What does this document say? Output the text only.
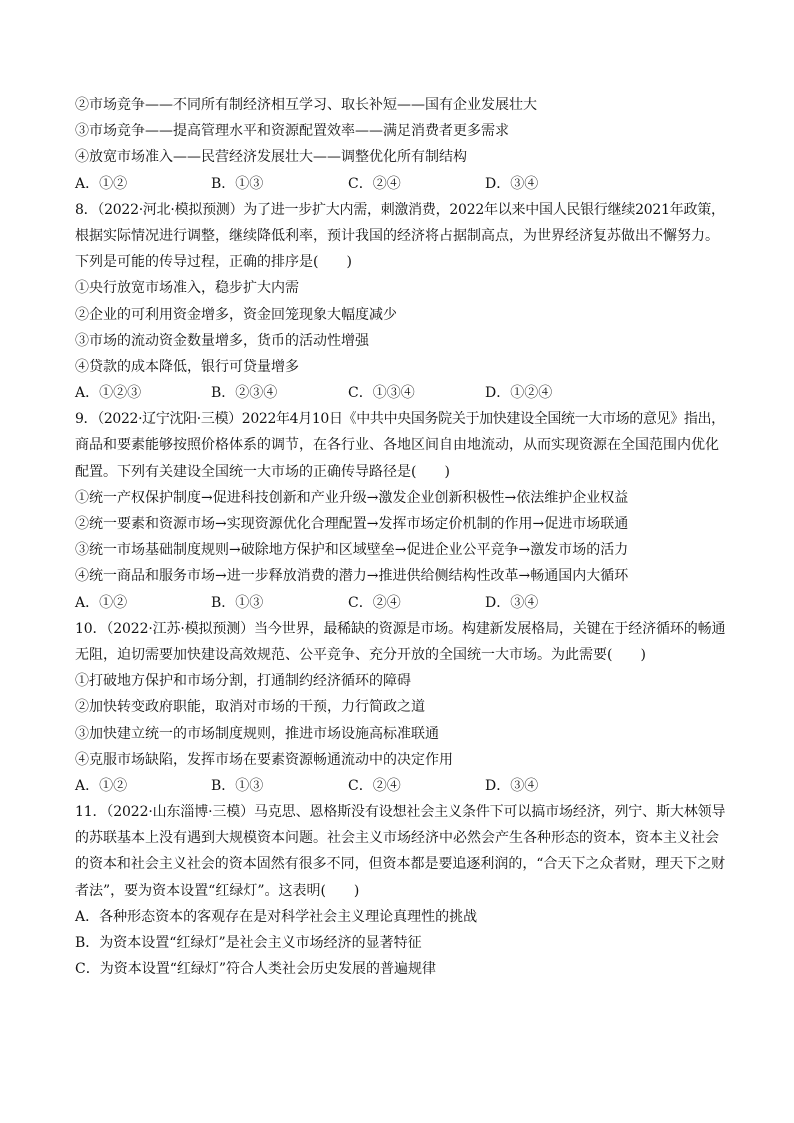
②市场竞争——不同所有制经济相互学习、取长补短——国有企业发展壮大
③市场竞争——提高管理水平和资源配置效率——满足消费者更多需求
④放宽市场准入——民营经济发展壮大——调整优化所有制结构
A．①②	B．①③	C．②④	D．③④
8．（2022·河北·模拟预测）为了进一步扩大内需，刺激消费，2022年以来中国人民银行继续2021年政策，
根据实际情况进行调整，继续降低利率，预计我国的经济将占据制高点，为世界经济复苏做出不懈努力。
下列是可能的传导过程，正确的排序是(　　)
①央行放宽市场准入，稳步扩大内需
②企业的可利用资金增多，资金回笼现象大幅度减少
③市场的流动资金数量增多，货币的活动性增强
④贷款的成本降低，银行可贷量增多
A．①②③	B．②③④	C．①③④	D．①②④
9．（2022·辽宁沈阳·三模）2022年4月10日《中共中央国务院关于加快建设全国统一大市场的意见》指出，
商品和要素能够按照价格体系的调节，在各行业、各地区间自由地流动，从而实现资源在全国范围内优化
配置。下列有关建设全国统一大市场的正确传导路径是(　　)
①统一产权保护制度→促进科技创新和产业升级→激发企业创新积极性→依法维护企业权益
②统一要素和资源市场→实现资源优化合理配置→发挥市场定价机制的作用→促进市场联通
③统一市场基础制度规则→破除地方保护和区域壁垒→促进企业公平竞争→激发市场的活力
④统一商品和服务市场→进一步释放消费的潜力→推进供给侧结构性改革→畅通国内大循环
A．①②	B．①③	C．②④	D．③④
10．（2022·江苏·模拟预测）当今世界，最稀缺的资源是市场。构建新发展格局，关键在于经济循环的畅通
无阻，迫切需要加快建设高效规范、公平竞争、充分开放的全国统一大市场。为此需要(　　)
①打破地方保护和市场分割，打通制约经济循环的障碍
②加快转变政府职能，取消对市场的干预，力行简政之道
③加快建立统一的市场制度规则，推进市场设施高标准联通
④克服市场缺陷，发挥市场在要素资源畅通流动中的决定作用
A．①②	B．①③	C．②④	D．③④
11．（2022·山东淄博·三模）马克思、恩格斯没有设想社会主义条件下可以搞市场经济，列宁、斯大林领导
的苏联基本上没有遇到大规模资本问题。社会主义市场经济中必然会产生各种形态的资本，资本主义社会
的资本和社会主义社会的资本固然有很多不同，但资本都是要追逐利润的，“合天下之众者财，理天下之财
者法”，要为资本设置“红绿灯”。这表明(　　)
A．各种形态资本的客观存在是对科学社会主义理论真理性的挑战
B．为资本设置“红绿灯”是社会主义市场经济的显著特征
C．为资本设置“红绿灯”符合人类社会历史发展的普遍规律
